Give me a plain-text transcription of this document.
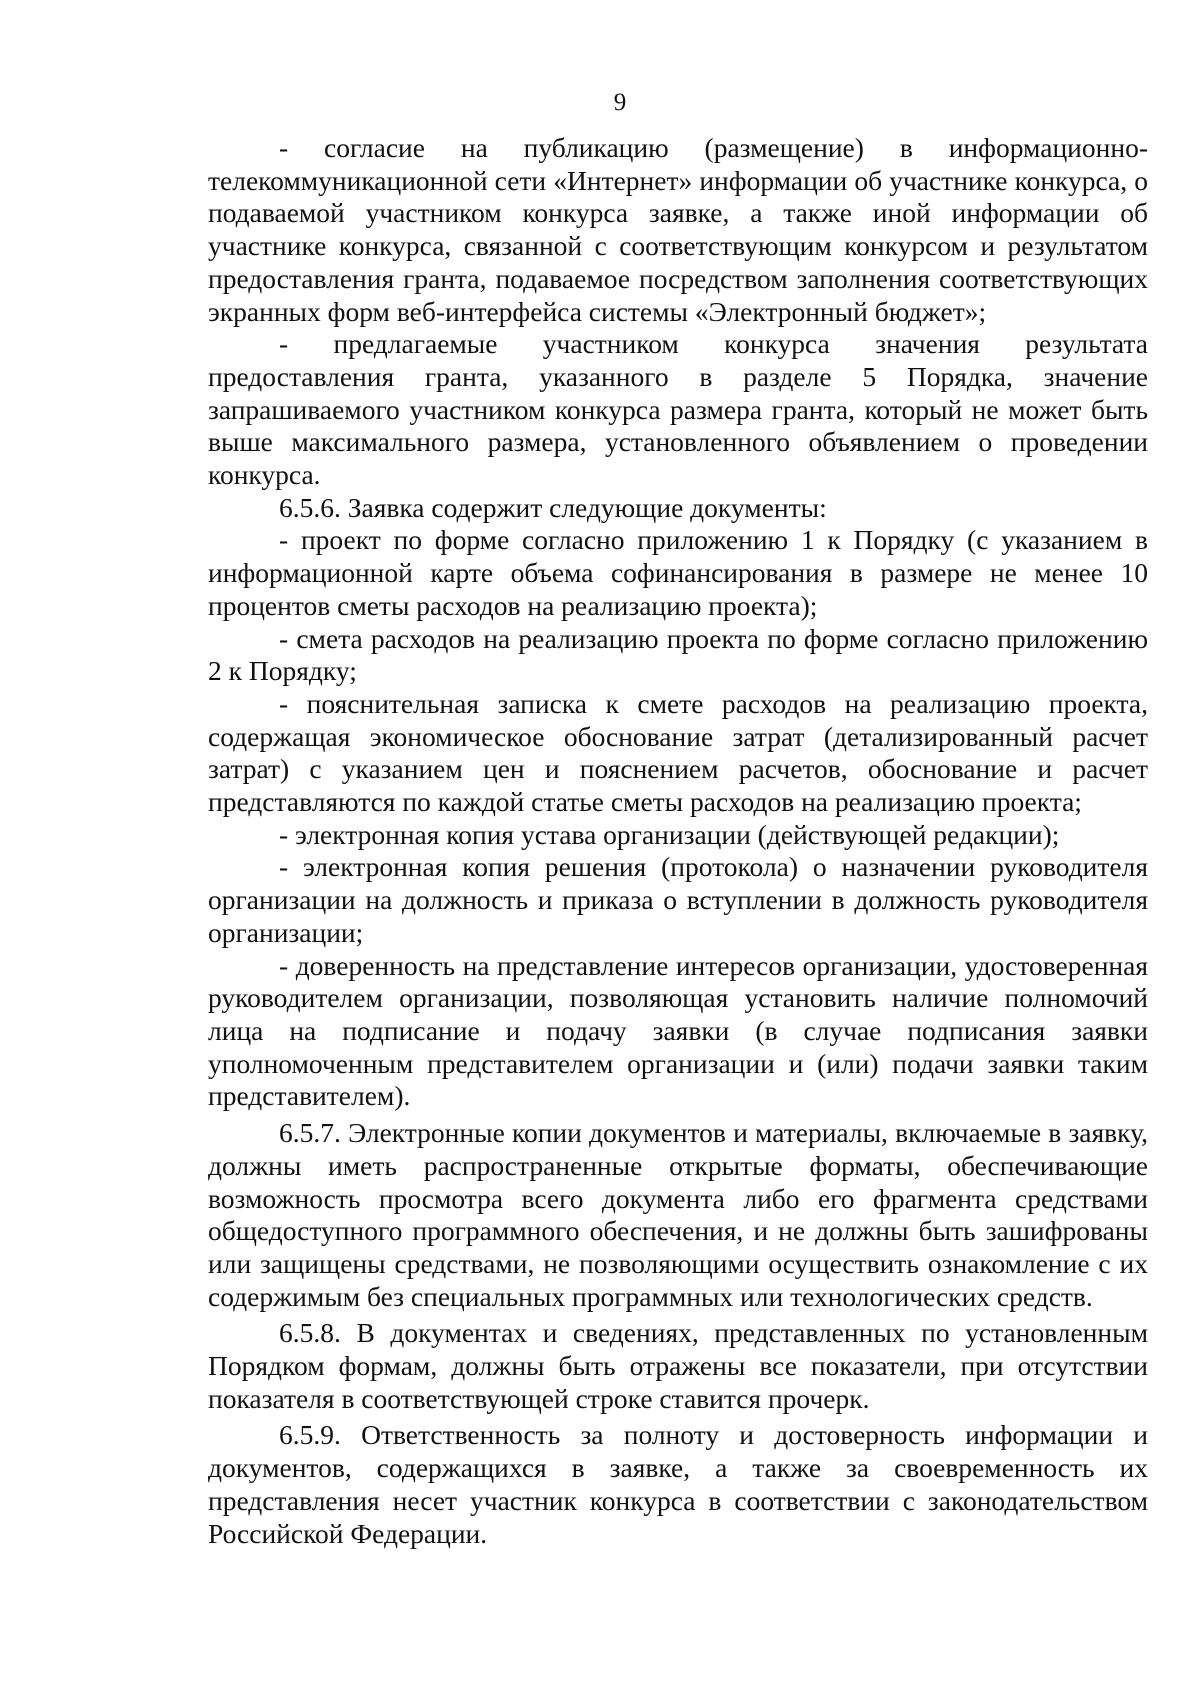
9

- согласие на публикацию (размещение) в информационно-телекоммуникационной сети «Интернет» информации об участнике конкурса, о подаваемой участником конкурса заявке, а также иной информации об участнике конкурса, связанной с соответствующим конкурсом и результатом предоставления гранта, подаваемое посредством заполнения соответствующих экранных форм веб-интерфейса системы «Электронный бюджет»;

- предлагаемые участником конкурса значения результата предоставления гранта, указанного в разделе 5 Порядка, значение запрашиваемого участником конкурса размера гранта, который не может быть выше максимального размера, установленного объявлением о проведении конкурса.

6.5.6. Заявка содержит следующие документы:

- проект по форме согласно приложению 1 к Порядку (с указанием в информационной карте объема софинансирования в размере не менее 10 процентов сметы расходов на реализацию проекта);

- смета расходов на реализацию проекта по форме согласно приложению 2 к Порядку;

- пояснительная записка к смете расходов на реализацию проекта, содержащая экономическое обоснование затрат (детализированный расчет затрат) с указанием цен и пояснением расчетов, обоснование и расчет представляются по каждой статье сметы расходов на реализацию проекта;

- электронная копия устава организации (действующей редакции);

- электронная копия решения (протокола) о назначении руководителя организации на должность и приказа о вступлении в должность руководителя организации;

- доверенность на представление интересов организации, удостоверенная руководителем организации, позволяющая установить наличие полномочий лица на подписание и подачу заявки (в случае подписания заявки уполномоченным представителем организации и (или) подачи заявки таким представителем).

6.5.7. Электронные копии документов и материалы, включаемые в заявку, должны иметь распространенные открытые форматы, обеспечивающие возможность просмотра всего документа либо его фрагмента средствами общедоступного программного обеспечения, и не должны быть зашифрованы или защищены средствами, не позволяющими осуществить ознакомление с их содержимым без специальных программных или технологических средств.

6.5.8. В документах и сведениях, представленных по установленным Порядком формам, должны быть отражены все показатели, при отсутствии показателя в соответствующей строке ставится прочерк.

6.5.9. Ответственность за полноту и достоверность информации и документов, содержащихся в заявке, а также за своевременность их представления несет участник конкурса в соответствии с законодательством Российской Федерации.
